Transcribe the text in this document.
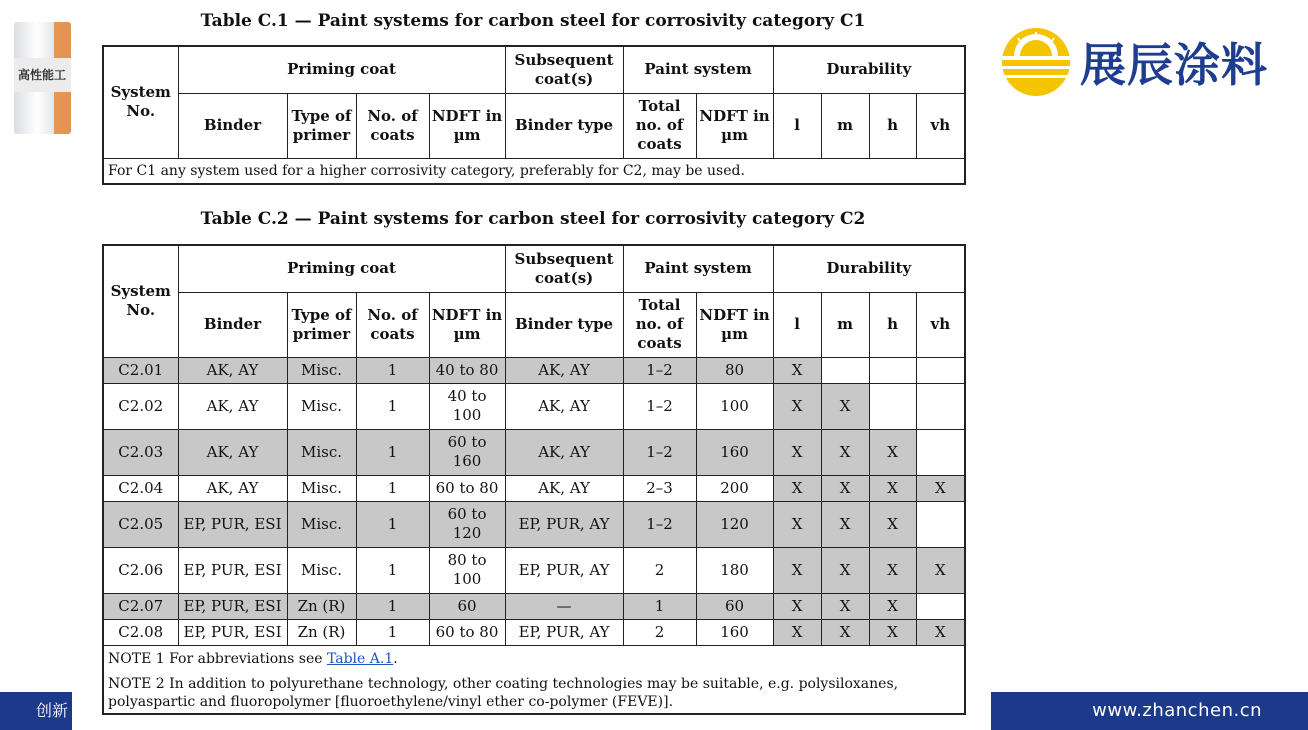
高性能工	展辰涂料
Table C.1 — Paint systems for carbon steel for corrosivity category C1
System No.	Priming coat				Subsequent coat(s)	Paint system		Durability			
	Binder	Type of primer	No. of coats	NDFT in µm	Binder type	Total no. of coats	NDFT in µm	l	m	h	vh
For C1 any system used for a higher corrosivity category, preferably for C2, may be used.											
Table C.2 — Paint systems for carbon steel for corrosivity category C2
System No.	Priming coat				Subsequent coat(s)	Paint system		Durability			
	Binder	Type of primer	No. of coats	NDFT in µm	Binder type	Total no. of coats	NDFT in µm	l	m	h	vh
C2.01	AK, AY	Misc.	1	40 to 80	AK, AY	1–2	80	X			
C2.02	AK, AY	Misc.	1	40 to 100	AK, AY	1–2	100	X	X		
C2.03	AK, AY	Misc.	1	60 to 160	AK, AY	1–2	160	X	X	X	
C2.04	AK, AY	Misc.	1	60 to 80	AK, AY	2–3	200	X	X	X	X
C2.05	EP, PUR, ESI	Misc.	1	60 to 120	EP, PUR, AY	1–2	120	X	X	X	
C2.06	EP, PUR, ESI	Misc.	1	80 to 100	EP, PUR, AY	2	180	X	X	X	X
C2.07	EP, PUR, ESI	Zn (R)	1	60	—	1	60	X	X	X	
C2.08	EP, PUR, ESI	Zn (R)	1	60 to 80	EP, PUR, AY	2	160	X	X	X	X
NOTE 1 For abbreviations see Table A.1.											
NOTE 2 In addition to polyurethane technology, other coating technologies may be suitable, e.g. polysiloxanes, polyaspartic and fluoropolymer [fluoroethylene/vinyl ether co-polymer (FEVE)].											
创新	www.zhanchen.cn
